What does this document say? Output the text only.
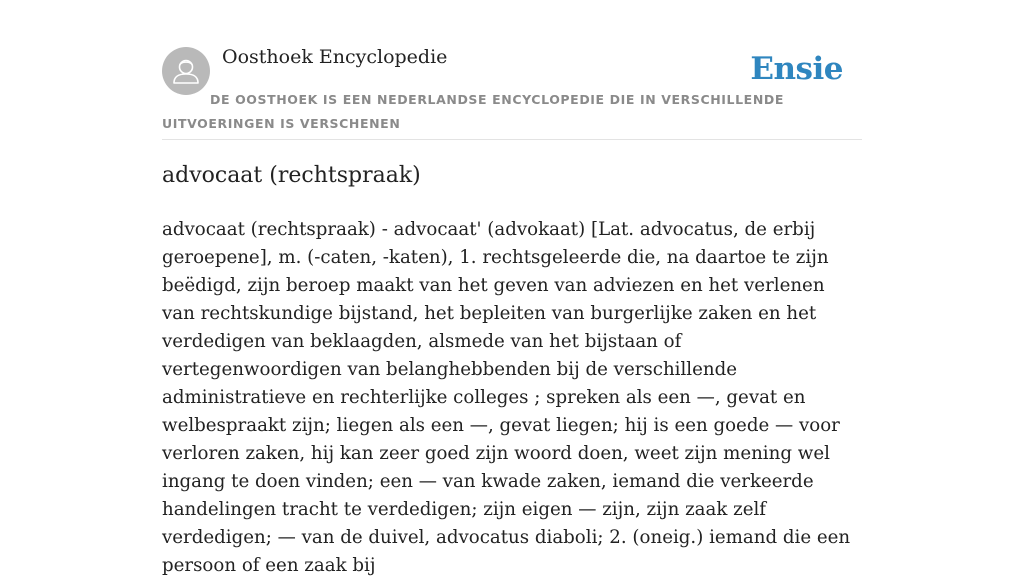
Oosthoek Encyclopedie	Ensie

DE OOSTHOEK IS EEN NEDERLANDSE ENCYCLOPEDIE DIE IN VERSCHILLENDE UITVOERINGEN IS VERSCHENEN

advocaat (rechtspraak)

advocaat (rechtspraak) - advocaat' (advokaat) [Lat. advocatus, de erbij geroepene], m. (-caten, -katen), 1. rechtsgeleerde die, na daartoe te zijn beëdigd, zijn beroep maakt van het geven van adviezen en het verlenen van rechtskundige bijstand, het bepleiten van burgerlijke zaken en het verdedigen van beklaagden, alsmede van het bijstaan of vertegenwoordigen van belanghebbenden bij de verschillende administratieve en rechterlijke colleges ; spreken als een —, gevat en welbespraakt zijn; liegen als een —, gevat liegen; hij is een goede — voor verloren zaken, hij kan zeer goed zijn woord doen, weet zijn mening wel ingang te doen vinden; een — van kwade zaken, iemand die verkeerde handelingen tracht te verdedigen; zijn eigen — zijn, zijn zaak zelf verdedigen; — van de duivel, advocatus diaboli; 2. (oneig.) iemand die een persoon of een zaak bij
